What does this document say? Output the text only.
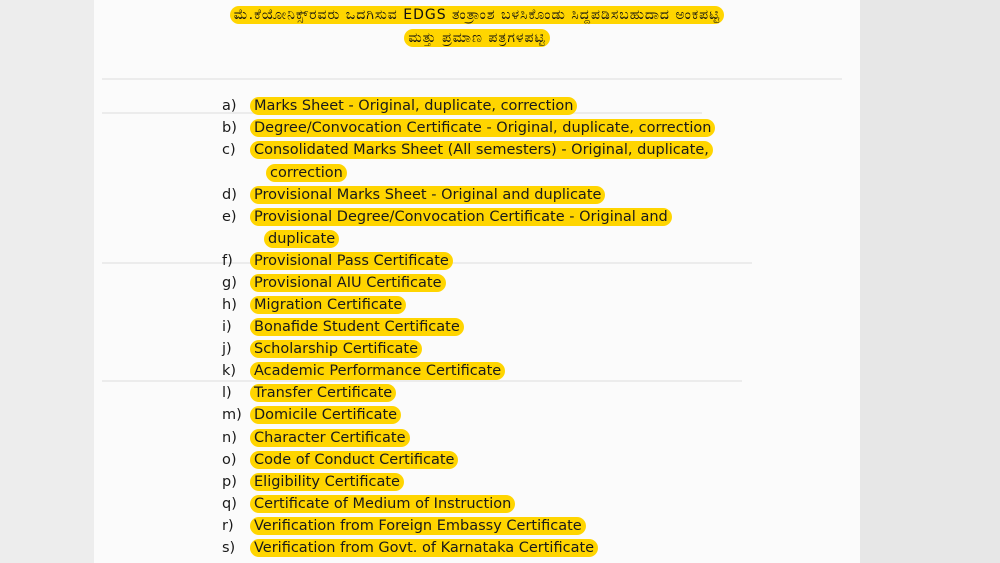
ಮೆ.ಕೆಯೋನಿಕ್ಸ್‌ರವರು ಒದಗಿಸುವ EDGS ತಂತ್ರಾಂಶ ಬಳಸಿಕೊಂಡು ಸಿದ್ದಪಡಿಸಬಹುದಾದ ಅಂಕಪಟ್ಟಿ
ಮತ್ತು ಪ್ರಮಾಣ ಪತ್ರಗಳಪಟ್ಟಿ
a)	Marks Sheet - Original, duplicate, correction
b)	Degree/Convocation Certificate - Original, duplicate, correction
c)	Consolidated Marks Sheet (All semesters) - Original, duplicate,
correction
d)	Provisional Marks Sheet - Original and duplicate
e)	Provisional Degree/Convocation Certificate - Original and
duplicate
f)	Provisional Pass Certificate
g)	Provisional AIU Certificate
h)	Migration Certificate
i)	Bonafide Student Certificate
j)	Scholarship Certificate
k)	Academic Performance Certificate
l)	Transfer Certificate
m) Domicile Certificate
n)	Character Certificate
o)	Code of Conduct Certificate
p)	Eligibility Certificate
q)	Certificate of Medium of Instruction
r)	Verification from Foreign Embassy Certificate
s)	Verification from Govt. of Karnataka Certificate
